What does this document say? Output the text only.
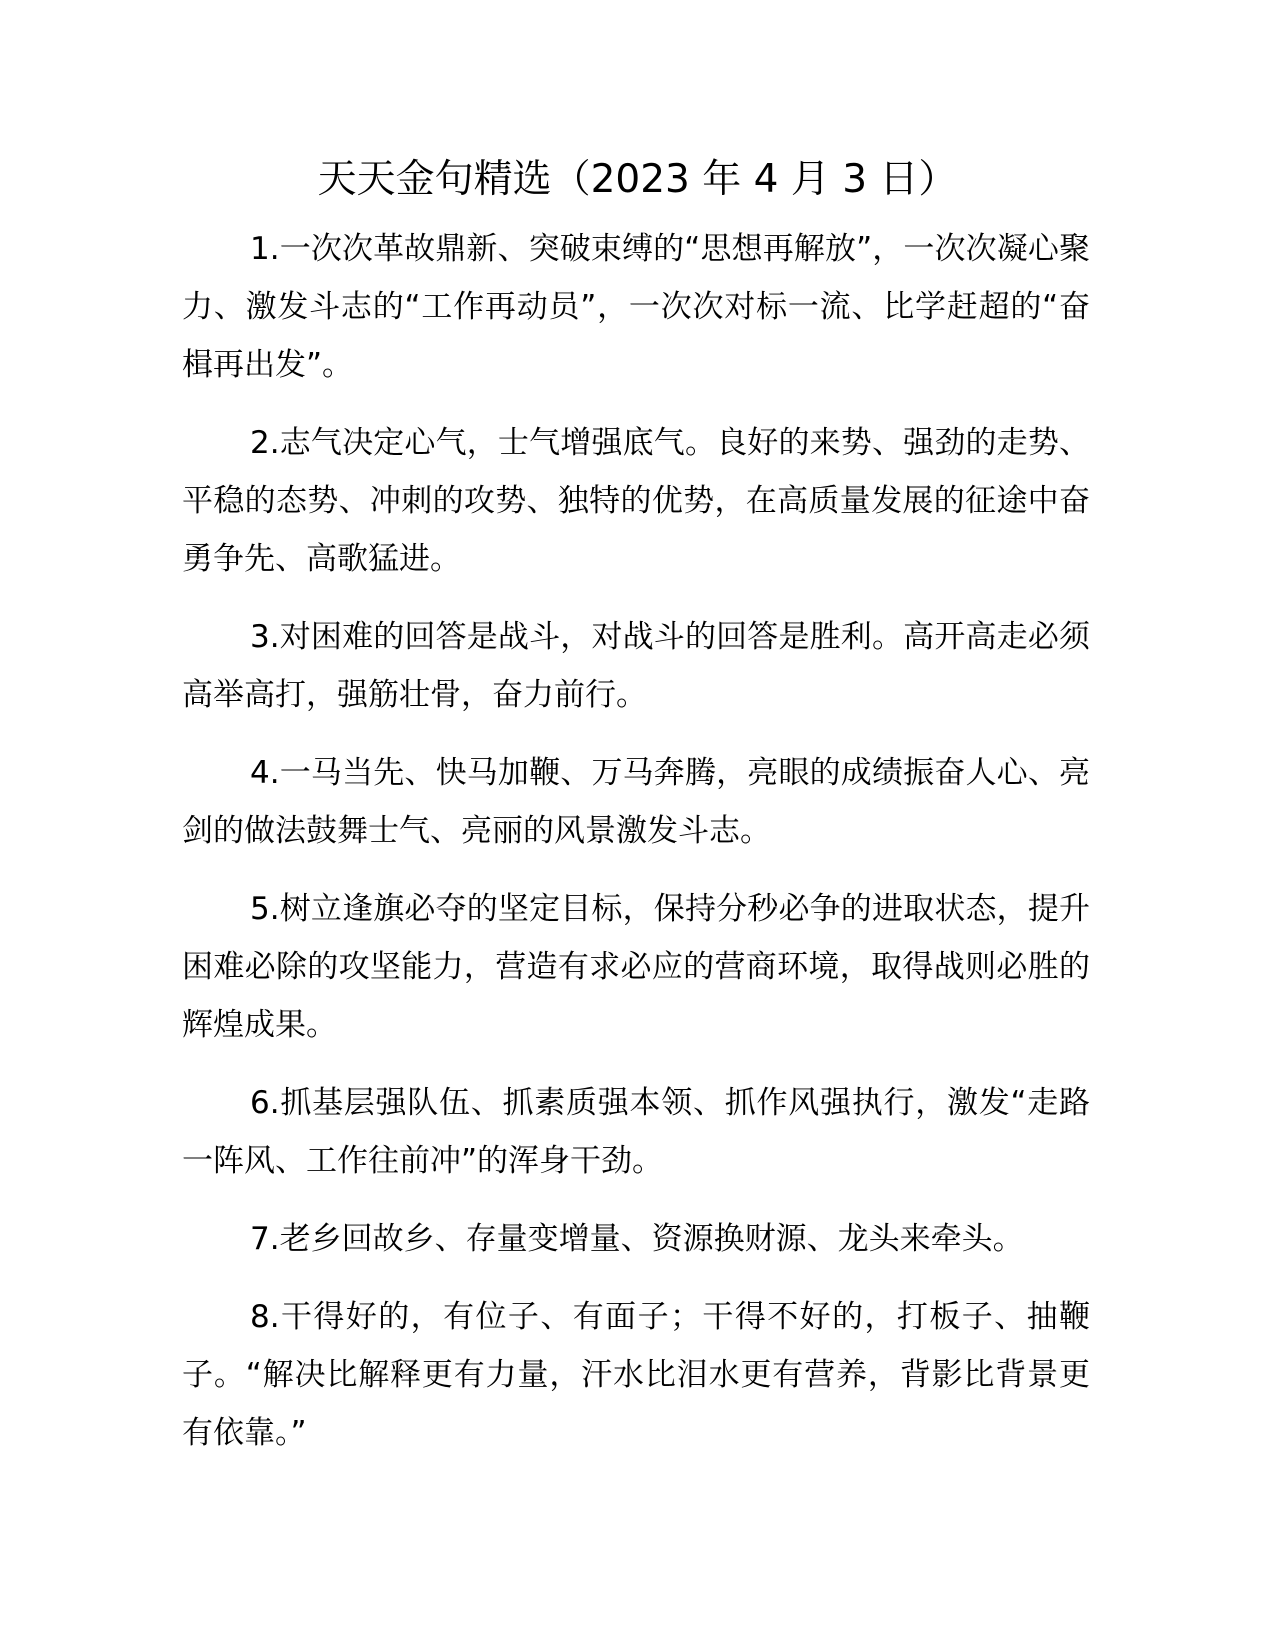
天天金句精选（2023 年 4 月 3 日）

1.一次次革故鼎新、突破束缚的“思想再解放”，一次次凝心聚力、激发斗志的“工作再动员”，一次次对标一流、比学赶超的“奋楫再出发”。

2.志气决定心气，士气增强底气。良好的来势、强劲的走势、平稳的态势、冲刺的攻势、独特的优势，在高质量发展的征途中奋勇争先、高歌猛进。

3.对困难的回答是战斗，对战斗的回答是胜利。高开高走必须高举高打，强筋壮骨，奋力前行。

4.一马当先、快马加鞭、万马奔腾，亮眼的成绩振奋人心、亮剑的做法鼓舞士气、亮丽的风景激发斗志。

5.树立逢旗必夺的坚定目标，保持分秒必争的进取状态，提升困难必除的攻坚能力，营造有求必应的营商环境，取得战则必胜的辉煌成果。

6.抓基层强队伍、抓素质强本领、抓作风强执行，激发“走路一阵风、工作往前冲”的浑身干劲。

7.老乡回故乡、存量变增量、资源换财源、龙头来牵头。

8.干得好的，有位子、有面子；干得不好的，打板子、抽鞭子。“解决比解释更有力量，汗水比泪水更有营养，背影比背景更有依靠。”
